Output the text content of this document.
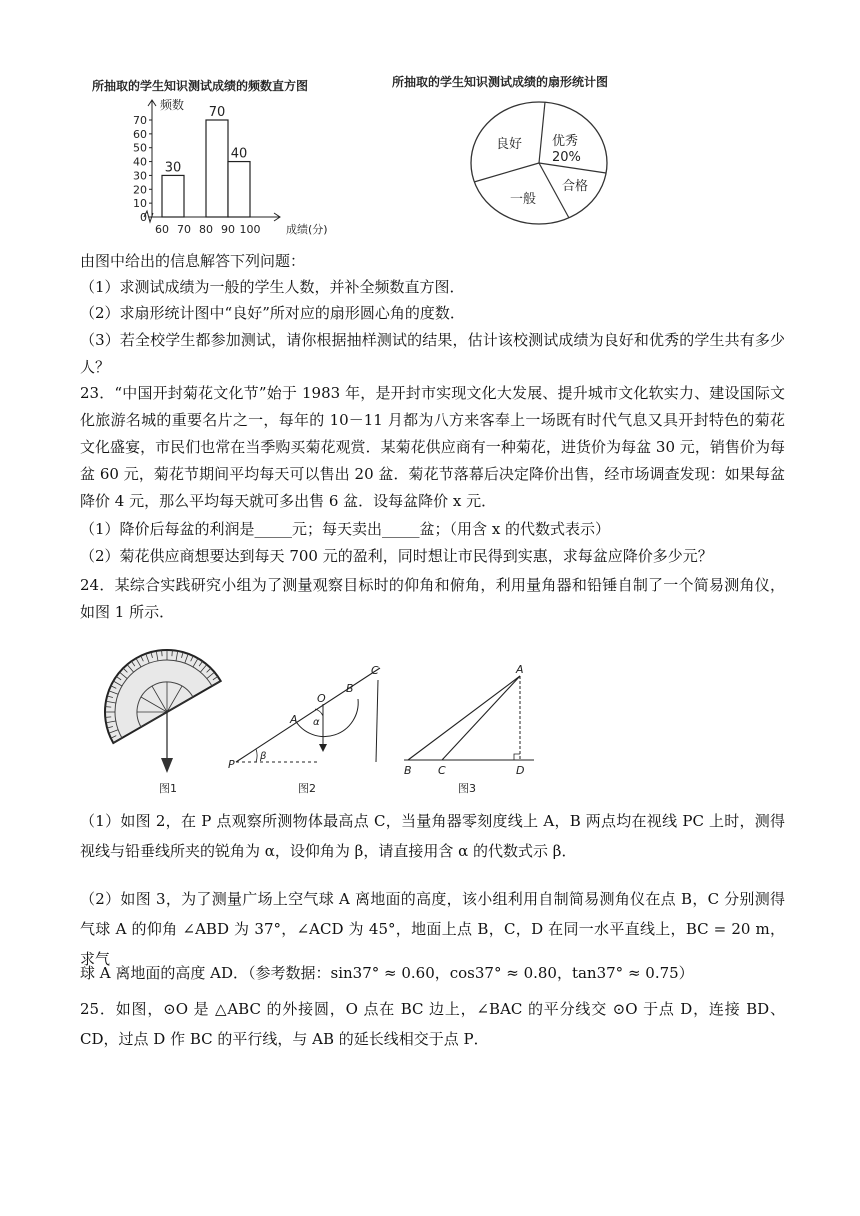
所抽取的学生知识测试成绩的频数直方图	所抽取的学生知识测试成绩的扇形统计图
0
10
20
30
40
50
60
70
60 70 80 90 100
30
70
40
频数
成绩(分)
良好 优秀
20%
合格
一般
由图中给出的信息解答下列问题：
（1）求测试成绩为一般的学生人数，并补全频数直方图．
（2）求扇形统计图中“良好”所对应的扇形圆心角的度数．
（3）若全校学生都参加测试，请你根据抽样测试的结果，估计该校测试成绩为良好和优秀的学生共有多少人？
23．“中国开封菊花文化节”始于 1983 年，是开封市实现文化大发展、提升城市文化软实力、建设国际文化旅游名城的重要名片之一，每年的 10－11 月都为八方来客奉上一场既有时代气息又具开封特色的菊花文化盛宴，市民们也常在当季购买菊花观赏．某菊花供应商有一种菊花，进货价为每盆 30 元，销售价为每盆 60 元，菊花节期间平均每天可以售出 20 盆．菊花节落幕后决定降价出售，经市场调查发现：如果每盆降价 4 元，那么平均每天就可多出售 6 盆．设每盆降价 x 元．
（1）降价后每盆的利润是_____元；每天卖出_____盆；（用含 x 的代数式表示）
（2）菊花供应商想要达到每天 700 元的盈利，同时想让市民得到实惠，求每盆应降价多少元？
24．某综合实践研究小组为了测量观察目标时的仰角和俯角，利用量角器和铅锤自制了一个简易测角仪，如图 1 所示．
图1
C
B
O
A α
P
β
图2
A
B C	D
图3
（1）如图 2，在 P 点观察所测物体最高点 C，当量角器零刻度线上 A，B 两点均在视线 PC 上时，测得视线与铅垂线所夹的锐角为 α，设仰角为 β，请直接用含 α 的代数式示 β．
（2）如图 3，为了测量广场上空气球 A 离地面的高度，该小组利用自制简易测角仪在点 B，C 分别测得气球 A 的仰角 ∠ABD 为 37°，∠ACD 为 45°，地面上点 B，C，D 在同一水平直线上，BC = 20 m，求气
球 A 离地面的高度 AD．（参考数据：sin37° ≈ 0.60，cos37° ≈ 0.80，tan37° ≈ 0.75）
25．如图，⊙O 是 △ABC 的外接圆，O 点在 BC 边上，∠BAC 的平分线交 ⊙O 于点 D，连接 BD、CD，过点 D 作 BC 的平行线，与 AB 的延长线相交于点 P．
